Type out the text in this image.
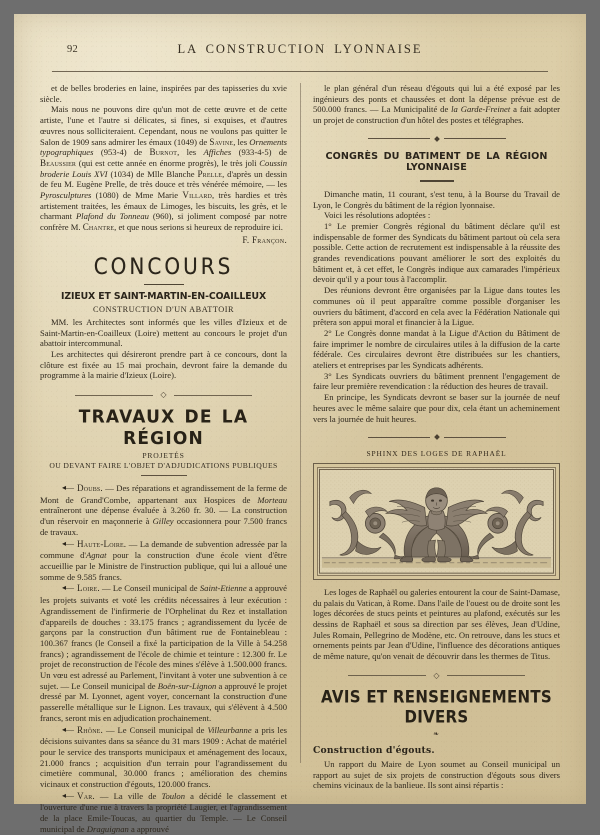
92	LA CONSTRUCTION LYONNAISE

et de belles broderies en laine, inspirées par des tapisseries du xvie siècle.

Mais nous ne pouvons dire qu'un mot de cette œuvre et de cette artiste, l'une et l'autre si délicates, si fines, si exquises, et d'autres œuvres nous solliciteraient. Cependant, nous ne voulons pas quitter le Salon de 1909 sans admirer les émaux (1049) de Savine, les Ornements typographiques (953-4) de Burnot, les Affiches (933-4-5) de Beaussier (qui est cette année en énorme progrès), le très joli Coussin broderie Louis XVI (1034) de Mlle Blanche Prelle, d'après un dessin de feu M. Eugène Prelle, de très douce et très vénérée mémoire, — les Pyrosculptures (1080) de Mme Marie Villard, très hardies et très artistement traitées, les émaux de Limoges, les biscuits, les grès, et le charmant Plafond du Tonneau (960), si joliment composé par notre confrère M. Chantre, et que nous serions si heureux de reproduire ici.

F. Françon.
CONCOURS
IZIEUX ET SAINT-MARTIN-EN-COAILLEUX
CONSTRUCTION D'UN ABATTOIR

MM. les Architectes sont informés que les villes d'Izieux et de Saint-Martin-en-Coailleux (Loire) mettent au concours le projet d'un abattoir intercommunal.

Les architectes qui désireront prendre part à ce concours, dont la clôture est fixée au 15 mai prochain, devront faire la demande du programme à la mairie d'Izieux (Loire).

◇
TRAVAUX DE LA RÉGION
PROJETÉS
OU DEVANT FAIRE L'OBJET D'ADJUDICATIONS PUBLIQUES

◂― Doubs. — Des réparations et agrandissement de la ferme de Mont de Grand'Combe, appartenant aux Hospices de Morteau entraîneront une dépense évaluée à 3.260 fr. 30. — La construction d'un réservoir en maçonnerie à Gilley occasionnera pour 7.500 francs de travaux.

◂― Haute-Loire. — La demande de subvention adressée par la commune d'Agnat pour la construction d'une école vient d'être accueillie par le Ministre de l'instruction publique, qui lui a alloué une somme de 9.585 francs.

◂― Loire. — Le Conseil municipal de Saint-Etienne a approuvé les projets suivants et voté les crédits nécessaires à leur exécution : Agrandissement de l'infirmerie de l'Orphelinat du Rez et installation d'appareils de douches : 33.175 francs ; agrandissement du lycée de garçons par la construction d'un bâtiment rue de Fontainebleau : 100.367 francs (le Conseil a fixé la participation de la Ville à 54.258 francs) ; agrandissement de l'école de chimie et teinture : 12.300 fr. Le projet de reconstruction de l'école des mines s'élève à 1.500.000 francs. Un vœu est adressé au Parlement, l'invitant à voter une subvention à ce sujet. — Le Conseil municipal de Boën-sur-Lignon a approuvé le projet dressé par M. Lyonnet, agent voyer, concernant la construction d'une passerelle métallique sur le Lignon. Les travaux, qui s'élèvent à 4.500 francs, seront mis en adjudication prochainement.

◂― Rhône. — Le Conseil municipal de Villeurbanne a pris les décisions suivantes dans sa séance du 31 mars 1909 : Achat de matériel pour le service des transports municipaux et aménagement des locaux, 21.000 francs ; acquisition d'un terrain pour l'agrandissement du cimetière communal, 30.000 francs ; amélioration des chemins vicinaux et construction d'égouts, 120.000 francs.

◂― Var. — La ville de Toulon a décidé le classement et l'ouverture d'une rue à travers la propriété Laugier, et l'agrandissement de la place Emile-Toucas, au quartier du Temple. — Le Conseil municipal de Draguignan a approuvé

le plan général d'un réseau d'égouts qui lui a été exposé par les ingénieurs des ponts et chaussées et dont la dépense prévue est de 500.000 francs. — La Municipalité de la Garde-Freinet a fait adopter un projet de construction d'un hôtel des postes et télégraphes.

CONGRÈS DU BATIMENT DE LA RÉGION LYONNAISE

Dimanche matin, 11 courant, s'est tenu, à la Bourse du Travail de Lyon, le Congrès du bâtiment de la région lyonnaise.

Voici les résolutions adoptées :

1° Le premier Congrès régional du bâtiment déclare qu'il est indispensable de former des Syndicats du bâtiment partout où cela sera possible. Cette action de recrutement est indispensable à la réussite des grandes revendications pouvant améliorer le sort des exploités du bâtiment et, à cet effet, le Congrès indique aux camarades l'impérieux devoir qu'il y a pour tous à l'accomplir.

Des réunions devront être organisées par la Ligue dans toutes les communes où il peut apparaître comme possible d'organiser les ouvriers du bâtiment, d'accord en cela avec la Fédération Nationale qui prêtera son appui moral et financier à la Ligue.

2° Le Congrès donne mandat à la Ligue d'Action du Bâtiment de faire imprimer le nombre de circulaires utiles à la diffusion de la carte fédérale. Ces circulaires devront être distribuées sur les chantiers, ateliers et entreprises par les Syndicats adhérents.

3° Les Syndicats ouvriers du bâtiment prennent l'engagement de faire leur première revendication : la réduction des heures de travail.

En principe, les Syndicats devront se baser sur la journée de neuf heures avec le même salaire que pour dix, cela étant un acheminement vers la journée de huit heures.

SPHINX DES LOGES DE RAPHAËL

Les loges de Raphaël ou galeries entourent la cour de Saint-Damase, du palais du Vatican, à Rome. Dans l'aile de l'ouest ou de droite sont les loges décorées de stucs peints et peintures au plafond, exécutés sur les dessins de Raphaël et sous sa direction par ses élèves, Jean d'Udine, Jules Romain, Pellegrino de Modène, etc. On retrouve, dans les stucs et ornements peints par Jean d'Udine, l'influence des décorations antiques de même nature, qu'on venait de découvrir dans les thermes de Titus.

◇
AVIS ET RENSEIGNEMENTS DIVERS
❧
Construction d'égouts.

Un rapport du Maire de Lyon soumet au Conseil municipal un rapport au sujet de six projets de construction d'égouts sous divers chemins vicinaux de la banlieue. Ils sont ainsi répartis :
